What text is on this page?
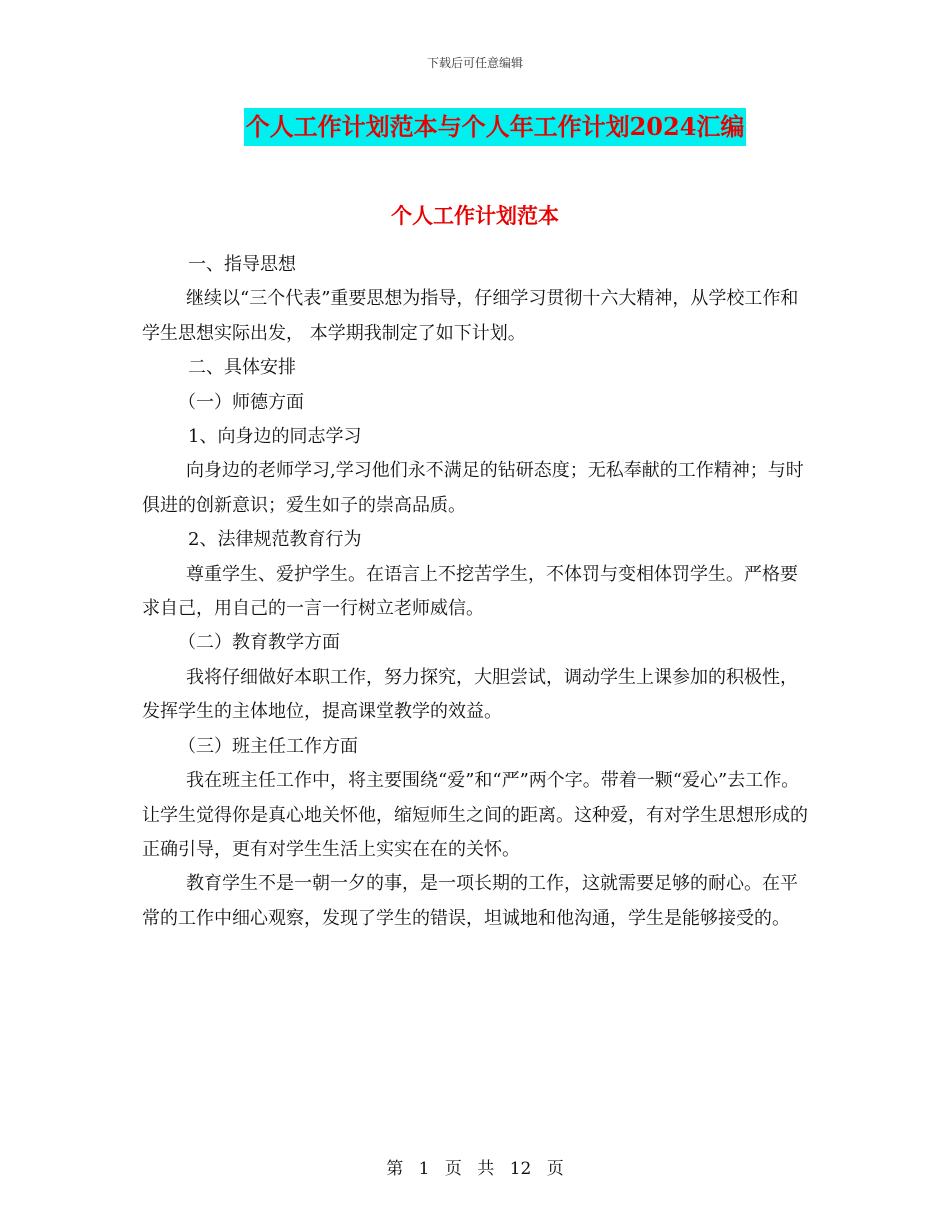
下载后可任意编辑
个人工作计划范本与个人年工作计划2024汇编
个人工作计划范本

一、指导思想

继续以“三个代表”重要思想为指导，仔细学习贯彻十六大精神，从学校工作和学生思想实际出发， 本学期我制定了如下计划。

二、具体安排

（一）师德方面

1、向身边的同志学习

向身边的老师学习,学习他们永不满足的钻研态度；无私奉献的工作精神；与时俱进的创新意识；爱生如子的崇高品质。

2、法律规范教育行为

尊重学生、爱护学生。在语言上不挖苦学生，不体罚与变相体罚学生。严格要求自己，用自己的一言一行树立老师威信。

（二）教育教学方面

我将仔细做好本职工作，努力探究，大胆尝试，调动学生上课参加的积极性，发挥学生的主体地位，提高课堂教学的效益。

（三）班主任工作方面

我在班主任工作中，将主要围绕“爱”和“严”两个字。带着一颗“爱心”去工作。让学生觉得你是真心地关怀他，缩短师生之间的距离。这种爱，有对学生思想形成的正确引导，更有对学生生活上实实在在的关怀。

教育学生不是一朝一夕的事，是一项长期的工作，这就需要足够的耐心。在平常的工作中细心观察，发现了学生的错误，坦诚地和他沟通，学生是能够接受的。

第 1 页 共 12 页
